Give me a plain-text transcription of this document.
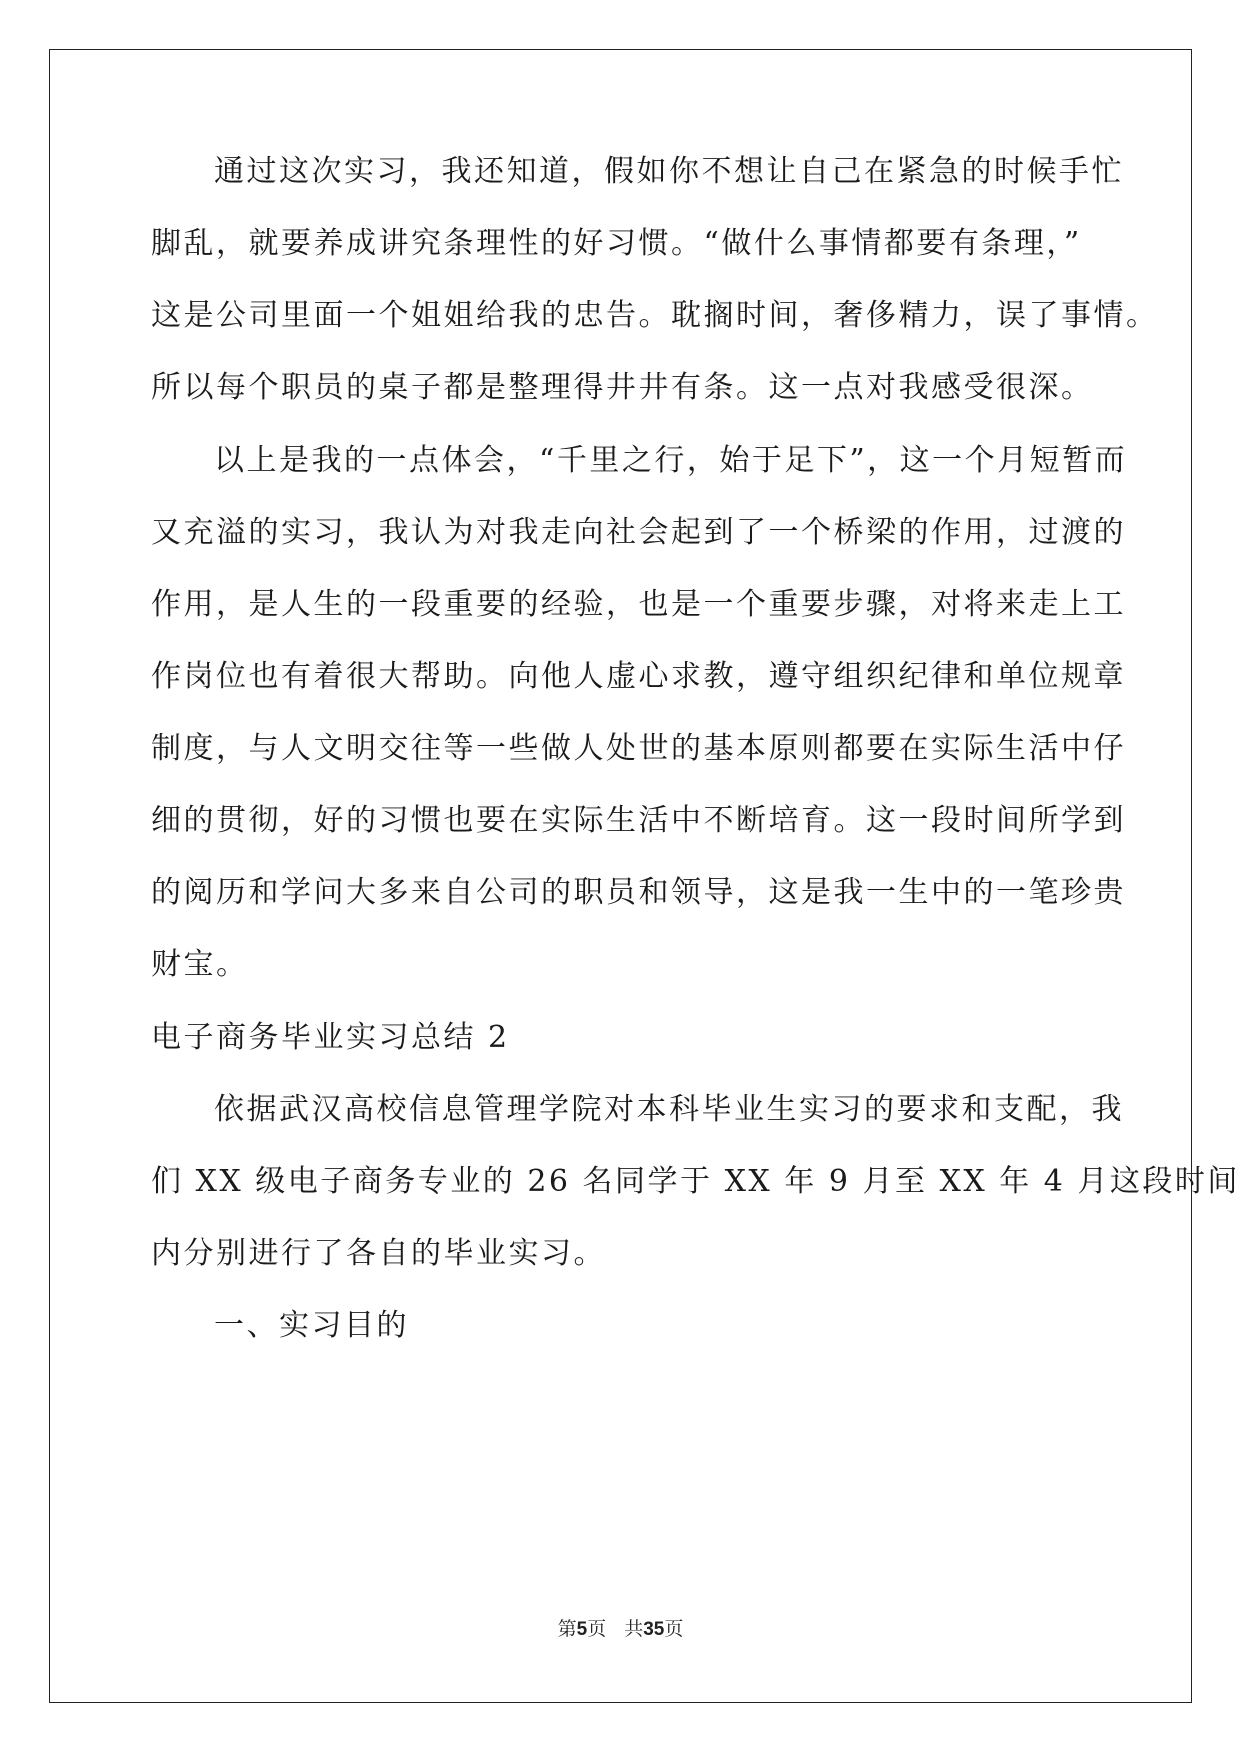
通过这次实习，我还知道，假如你不想让自己在紧急的时候手忙
脚乱，就要养成讲究条理性的好习惯。“做什么事情都要有条理，”
这是公司里面一个姐姐给我的忠告。耽搁时间，奢侈精力，误了事情。
所以每个职员的桌子都是整理得井井有条。这一点对我感受很深。
以上是我的一点体会，“千里之行，始于足下”，这一个月短暂而
又充溢的实习，我认为对我走向社会起到了一个桥梁的作用，过渡的
作用，是人生的一段重要的经验，也是一个重要步骤，对将来走上工
作岗位也有着很大帮助。向他人虚心求教，遵守组织纪律和单位规章
制度，与人文明交往等一些做人处世的基本原则都要在实际生活中仔
细的贯彻，好的习惯也要在实际生活中不断培育。这一段时间所学到
的阅历和学问大多来自公司的职员和领导，这是我一生中的一笔珍贵
财宝。
电子商务毕业实习总结 2
依据武汉高校信息管理学院对本科毕业生实习的要求和支配，我
们 XX 级电子商务专业的 26 名同学于 XX 年 9 月至 XX 年 4 月这段时间
内分别进行了各自的毕业实习。
一、实习目的
第5页 共35页
